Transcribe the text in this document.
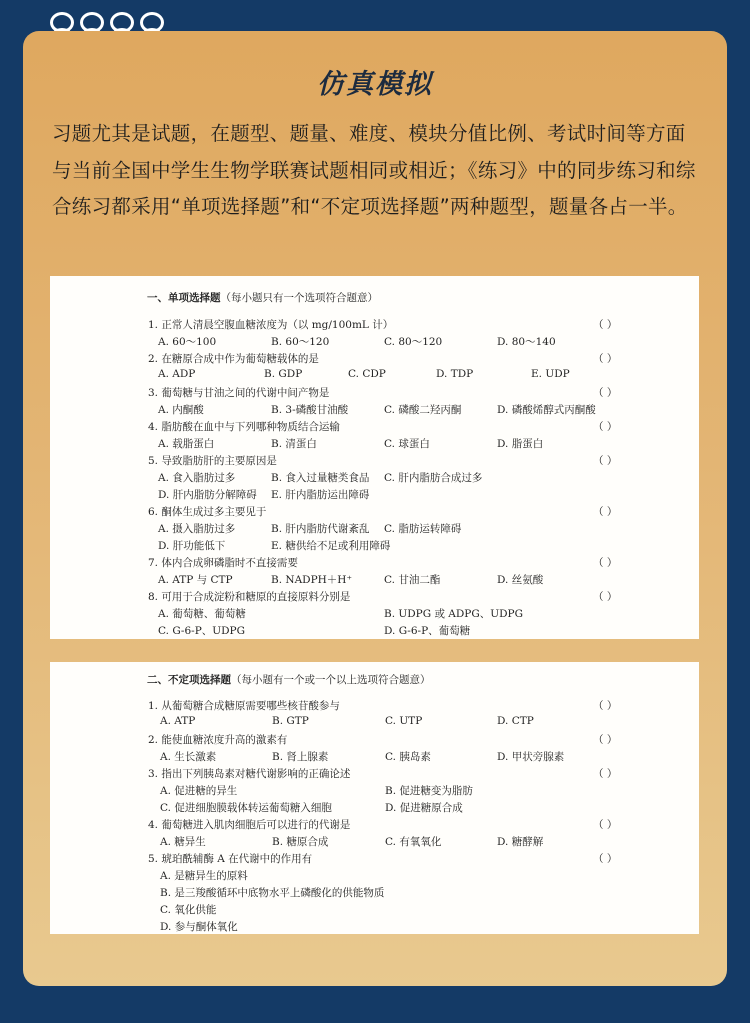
仿真模拟
习题尤其是试题，在题型、题量、难度、模块分值比例、考试时间等方面与当前全国中学生生物学联赛试题相同或相近；《练习》中的同步练习和综合练习都采用“单项选择题”和“不定项选择题”两种题型，题量各占一半。
一、单项选择题（每小题只有一个选项符合题意）
1. 正常人清晨空腹血糖浓度为（以 mg/100mL 计）	（ ）
A. 60～100	B. 60～120	C. 80～120	D. 80～140
2. 在糖原合成中作为葡萄糖载体的是	（ ）
A. ADP	B. GDP	C. CDP	D. TDP	E. UDP
3. 葡萄糖与甘油之间的代谢中间产物是	（ ）
A. 内酮酸	B. 3-磷酸甘油酸	C. 磷酸二羟丙酮	D. 磷酸烯醇式丙酮酸
4. 脂肪酸在血中与下列哪种物质结合运输	（ ）
A. 载脂蛋白	B. 清蛋白	C. 球蛋白	D. 脂蛋白
5. 导致脂肪肝的主要原因是	（ ）
A. 食入脂肪过多	B. 食入过量糖类食品 C. 肝内脂肪合成过多
D. 肝内脂肪分解障碍 E. 肝内脂肪运出障碍
6. 酮体生成过多主要见于	（ ）
A. 摄入脂肪过多	B. 肝内脂肪代谢紊乱 C. 脂肪运转障碍
D. 肝功能低下	E. 糖供给不足或利用障碍
7. 体内合成卵磷脂时不直接需要	（ ）
A. ATP 与 CTP	B. NADPH＋H⁺	C. 甘油二酯	D. 丝氨酸
8. 可用于合成淀粉和糖原的直接原料分别是	（ ）
A. 葡萄糖、葡萄糖	B. UDPG 或 ADPG、UDPG
C. G-6-P、UDPG	D. G-6-P、葡萄糖
二、不定项选择题（每小题有一个或一个以上选项符合题意）
1. 从葡萄糖合成糖原需要哪些核苷酸参与	（ ）
A. ATP	B. GTP	C. UTP	D. CTP
2. 能使血糖浓度升高的激素有	（ ）
A. 生长激素	B. 肾上腺素	C. 胰岛素	D. 甲状旁腺素
3. 指出下列胰岛素对糖代谢影响的正确论述	（ ）
A. 促进糖的异生	B. 促进糖变为脂肪
C. 促进细胞膜载体转运葡萄糖入细胞	D. 促进糖原合成
4. 葡萄糖进入肌肉细胞后可以进行的代谢是	（ ）
A. 糖异生	B. 糖原合成	C. 有氧氧化	D. 糖酵解
5. 琥珀酰辅酶 A 在代谢中的作用有	（ ）
A. 是糖异生的原料
B. 是三羧酸循环中底物水平上磷酸化的供能物质
C. 氧化供能
D. 参与酮体氧化
